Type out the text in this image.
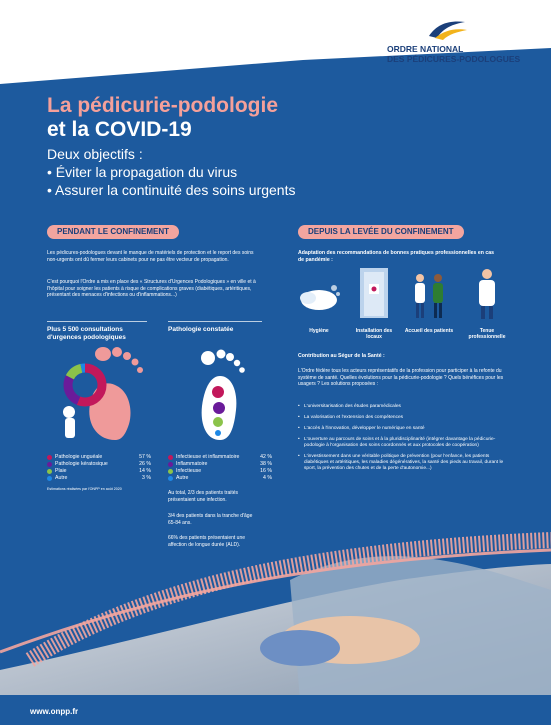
ORDRE NATIONAL
DES PÉDICURES-PODOLOGUES
La pédicurie-podologie
et la COVID-19
Deux objectifs :
• Éviter la propagation du virus
• Assurer la continuité des soins urgents
PENDANT LE CONFINEMENT
Les pédicures-podologues devant le manque de matériels de protection et le report des soins non-urgents ont dû fermer leurs cabinets pour ne pas être vecteur de propagation.
C'est pourquoi l'Ordre a mis en place des « Structures d'Urgences Podologiques » en ville et à l'hôpital pour soigner les patients à risque de complications graves (diabétiques, artéritiques, présentant des menaces d'infections ou d'inflammations...)
Plus 5 500 consultations d'urgences podologiques
Pathologie constatée
Pathologie unguéale	57 %
Pathologie kératosique	26 %
Plaie	14 %
Autre	3 %
Estimations réalisées par l'ONPP en août 2020
Infectieuse et inflammatoire	42 %
Inflammatoire	38 %
Infectieuse	16 %
Autre	4 %
Au total, 2/3 des patients traités présentaient une infection.
3/4 des patients dans la tranche d'âge 65-84 ans.
66% des patients présentaient une affection de longue durée (ALD).
DEPUIS LA LEVÉE DU CONFINEMENT
Adaptation des recommandations de bonnes pratiques professionnelles en cas de pandémie :
Hygiène	Installation des locaux
Accueil des patients	Tenue professionnelle
Contribution au Ségur de la Santé :
L'Ordre fédère tous les acteurs représentatifs de la profession pour participer à la refonte du système de santé. Quelles évolutions pour la pédicurie-podologie ? Quels bénéfices pour les usagers ? Les solutions proposées :
• L'universitarisation des études paramédicales
• La valorisation et l'extension des compétences
• L'accès à l'innovation, développer le numérique en santé
• L'ouverture au parcours de soins et à la pluridisciplinarité (intégrer davantage la pédicurie-podologie à l'organisation des soins coordonnés et aux protocoles de coopération)
• L'investissement dans une véritable politique de prévention (pour l'enfance, les patients diabétiques et artéritiques, les maladies dégénératives, la santé des pieds au travail, durant le sport, la prévention des chutes et de la perte d'autonomie...)
www.onpp.fr
